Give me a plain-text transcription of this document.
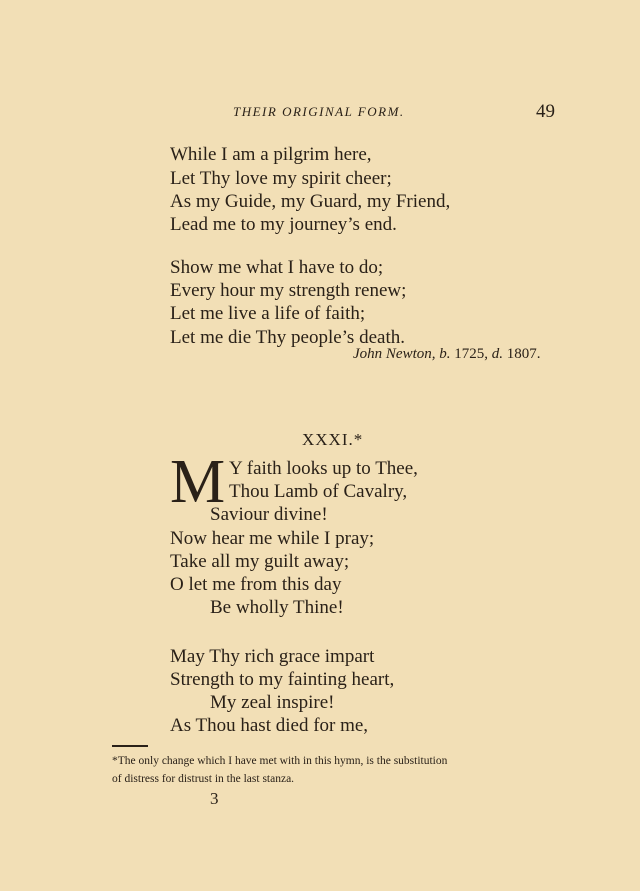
THEIR ORIGINAL FORM.	49
While I am a pilgrim here,
Let Thy love my spirit cheer;
As my Guide, my Guard, my Friend,
Lead me to my journey’s end.
Show me what I have to do;
Every hour my strength renew;
Let me live a life of faith;
Let me die Thy people’s death.
John Newton, b. 1725, d. 1807.
XXXI.*
M Y faith looks up to Thee,
Thou Lamb of Cavalry,
Saviour divine!
Now hear me while I pray;
Take all my guilt away;
O let me from this day
Be wholly Thine!
May Thy rich grace impart
Strength to my fainting heart,
My zeal inspire!
As Thou hast died for me,
*The only change which I have met with in this hymn, is the substitution
of distress for distrust in the last stanza.
3
